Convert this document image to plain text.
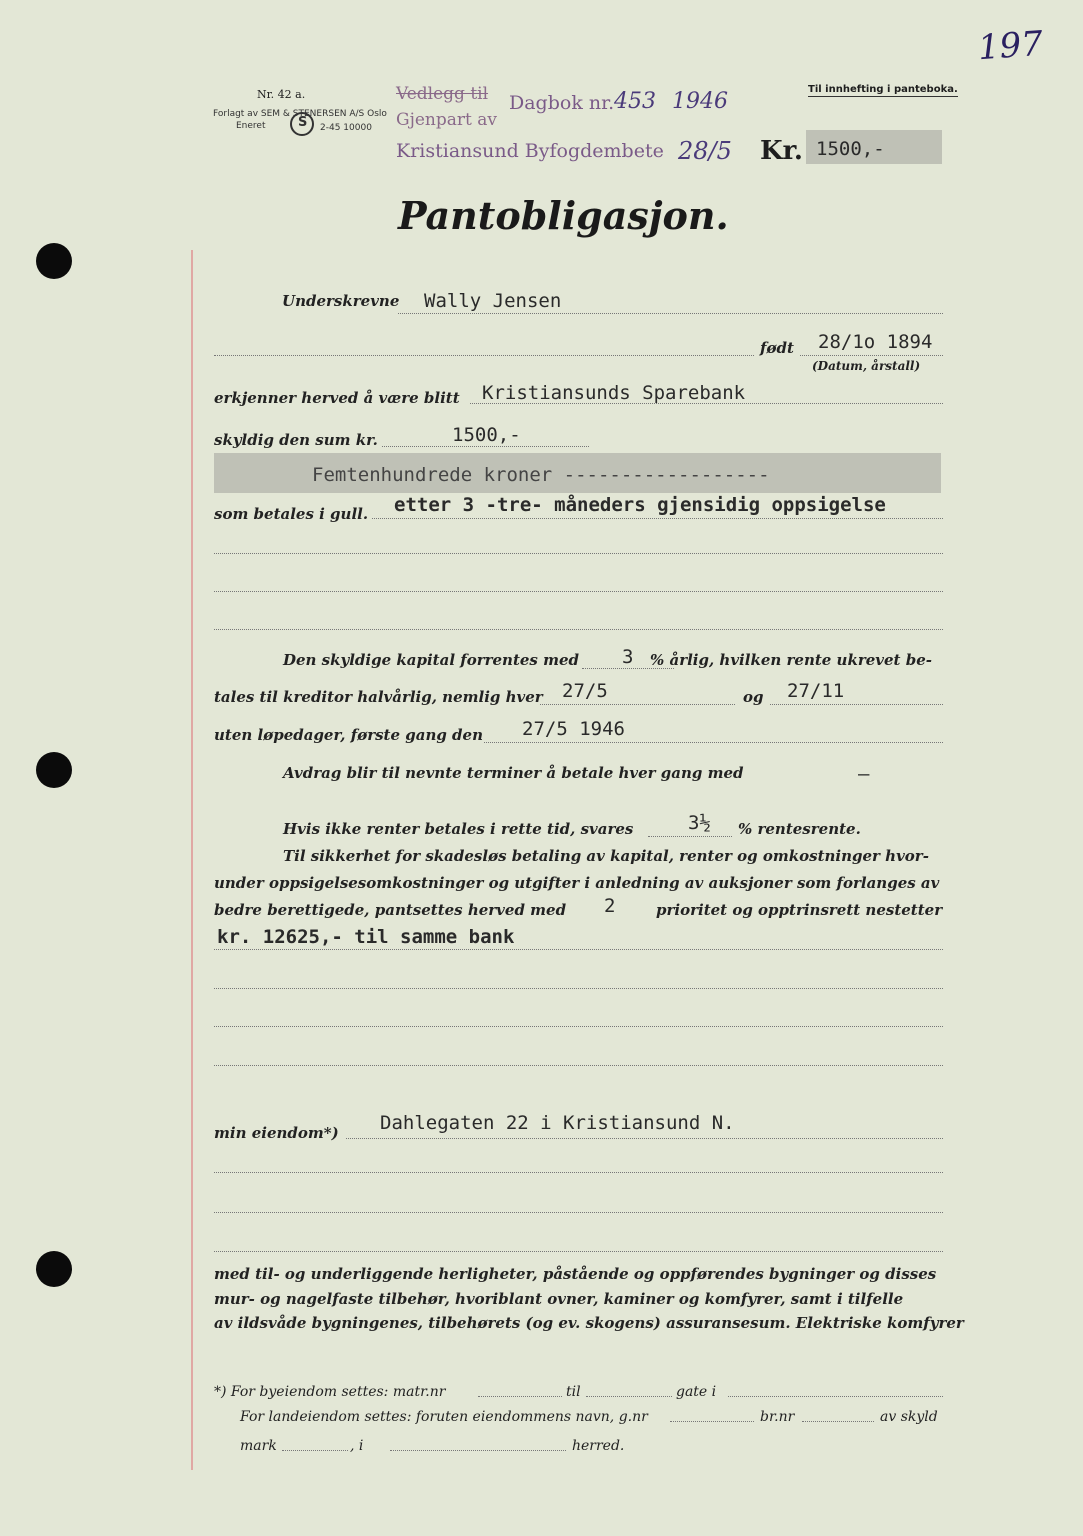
197
Nr. 42 a.
Forlagt av SEM & STENERSEN A/S Oslo
Eneret	S 2-45 10000
Vedlegg til Dagbok nr. 453 1946
Gjenpart av
Kristiansund Byfogdembete 28/5
Til innhefting i panteboka.
Kr. 1500,-
Pantobligasjon.
Underskrevne Wally Jensen
født 28/1o 1894
(Datum, årstall)
erkjenner herved å være blitt Kristiansunds Sparebank
skyldig den sum kr.	1500,-
Femtenhundrede kroner ------------------
som betales i gull. etter 3 -tre- måneders gjensidig oppsigelse
Den skyldige kapital forrentes med 3 % årlig, hvilken rente ukrevet be-
tales til kreditor halvårlig, nemlig hver 27/5	og 27/11
uten løpedager, første gang den 27/5 1946
Avdrag blir til nevnte terminer å betale hver gang med	–
Hvis ikke renter betales i rette tid, svares	3½ % rentesrente.
Til sikkerhet for skadesløs betaling av kapital, renter og omkostninger hvor-
under oppsigelsesomkostninger og utgifter i anledning av auksjoner som forlanges av
bedre berettigede, pantsettes herved med 2	prioritet og opptrinsrett nestetter
kr. 12625,- til samme bank
min eiendom*) Dahlegaten 22 i Kristiansund N.
med til- og underliggende herligheter, påstående og oppførendes bygninger og disses
mur- og nagelfaste tilbehør, hvoriblant ovner, kaminer og komfyrer, samt i tilfelle
av ildsvåde bygningenes, tilbehørets (og ev. skogens) assuransesum. Elektriske komfyrer
*) For byeiendom settes: matr.nr	til	gate i
For landeiendom settes: foruten eiendommens navn, g.nr	br.nr	av skyld
mark	, i	herred.
